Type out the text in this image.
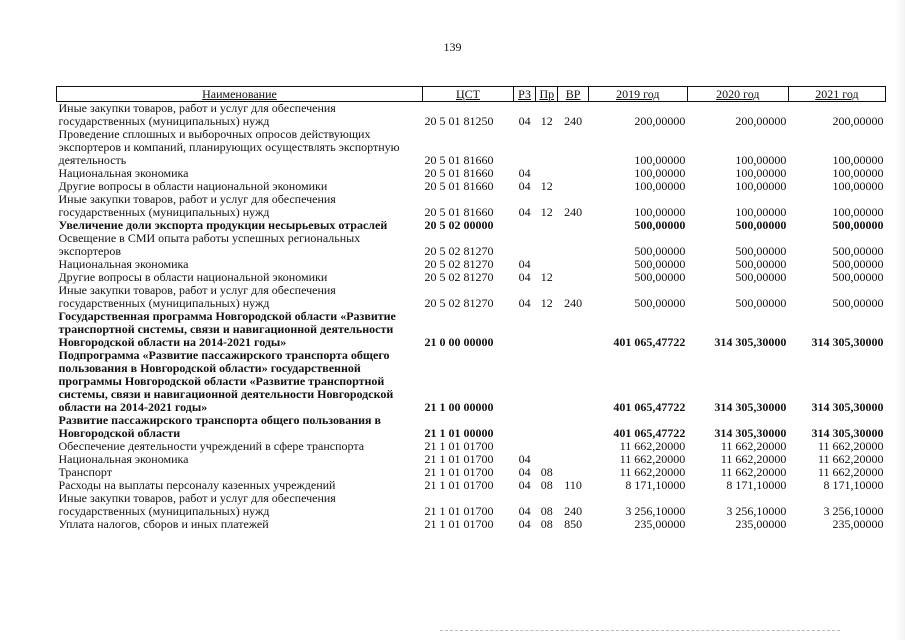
139
Наименование	ЦСТ	РЗ	Пр	ВР	2019 год	2020 год	2021 год
Иные закупки товаров, работ и услуг для обеспечения государственных (муниципальных) нужд	20 5 01 81250	04	12	240	200,00000	200,00000	200,00000
Проведение сплошных и выборочных опросов действующих экспортеров и компаний, планирующих осуществлять экспортную деятельность	20 5 01 81660				100,00000	100,00000	100,00000
Национальная экономика	20 5 01 81660	04			100,00000	100,00000	100,00000
Другие вопросы в области национальной экономики	20 5 01 81660	04	12		100,00000	100,00000	100,00000
Иные закупки товаров, работ и услуг для обеспечения государственных (муниципальных) нужд	20 5 01 81660	04	12	240	100,00000	100,00000	100,00000
Увеличение доли экспорта продукции несырьевых отраслей	20 5 02 00000				500,00000	500,00000	500,00000
Освещение в СМИ опыта работы успешных региональных экспортеров	20 5 02 81270				500,00000	500,00000	500,00000
Национальная экономика	20 5 02 81270	04			500,00000	500,00000	500,00000
Другие вопросы в области национальной экономики	20 5 02 81270	04	12		500,00000	500,00000	500,00000
Иные закупки товаров, работ и услуг для обеспечения государственных (муниципальных) нужд	20 5 02 81270	04	12	240	500,00000	500,00000	500,00000
Государственная программа Новгородской области «Развитие транспортной системы, связи и навигационной деятельности Новгородской области на 2014-2021 годы»	21 0 00 00000				401 065,47722	314 305,30000	314 305,30000
Подпрограмма «Развитие пассажирского транспорта общего пользования в Новгородской области» государственной программы Новгородской области «Развитие транспортной системы, связи и навигационной деятельности Новгородской области на 2014-2021 годы»	21 1 00 00000				401 065,47722	314 305,30000	314 305,30000
Развитие пассажирского транспорта общего пользования в Новгородской области	21 1 01 00000				401 065,47722	314 305,30000	314 305,30000
Обеспечение деятельности учреждений в сфере транспорта	21 1 01 01700				11 662,20000	11 662,20000	11 662,20000
Национальная экономика	21 1 01 01700	04			11 662,20000	11 662,20000	11 662,20000
Транспорт	21 1 01 01700	04	08		11 662,20000	11 662,20000	11 662,20000
Расходы на выплаты персоналу казенных учреждений	21 1 01 01700	04	08	110	8 171,10000	8 171,10000	8 171,10000
Иные закупки товаров, работ и услуг для обеспечения государственных (муниципальных) нужд	21 1 01 01700	04	08	240	3 256,10000	3 256,10000	3 256,10000
Уплата налогов, сборов и иных платежей	21 1 01 01700	04	08	850	235,00000	235,00000	235,00000
